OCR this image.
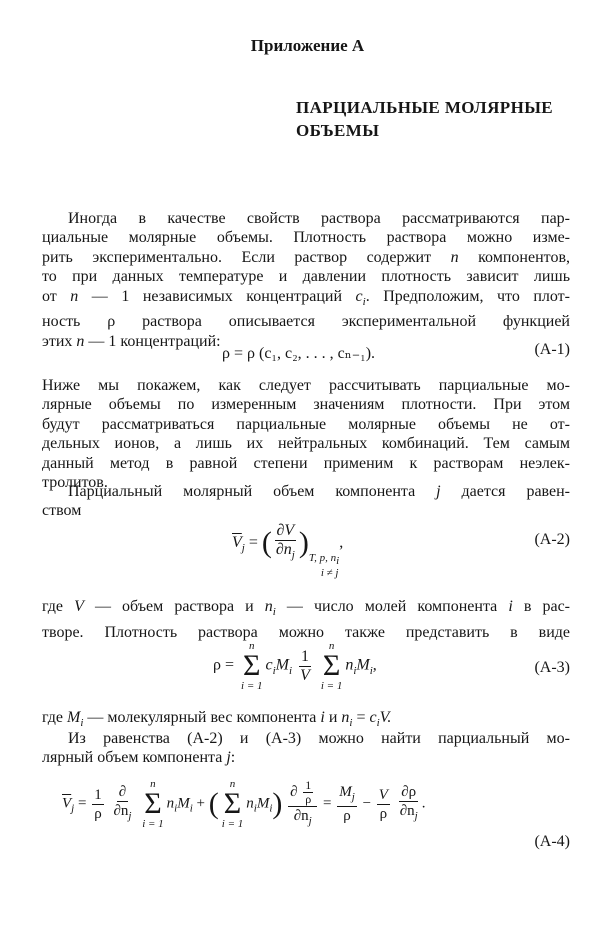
Приложение А
ПАРЦИАЛЬНЫЕ МОЛЯРНЫЕ
ОБЪЕМЫ
Иногда в качестве свойств раствора рассматриваются пар-
циальные молярные объемы. Плотность раствора можно изме-
рить экспериментально. Если раствор содержит n компонентов,
то при данных температуре и давлении плотность зависит лишь
от n — 1 независимых концентраций $c_i$. Предположим, что плот-
ность ρ раствора описывается экспериментальной функцией
этих n — 1 концентраций:
ρ = ρ (c₁, c₂, . . . , cₙ₋₁).	(А-1)
Ниже мы покажем, как следует рассчитывать парциальные мо-
лярные объемы по измеренным значениям плотности. При этом
будут рассматриваться парциальные молярные объемы не от-
дельных ионов, а лишь их нейтральных комбинаций. Тем самым
данный метод в равной степени применим к растворам неэлек-
тролитов.
Парциальный молярный объем компонента j дается равен-
ством
$\overline{V}_j$ = ( $\frac{\partial V}{\partial n_j}$ ) T, p, $n_i$
i ≠ j
,	(А-2)
где V — объем раствора и $n_i$ — число молей компонента i в рас-
творе. Плотность раствора можно также представить в виде
ρ =
n
Σ
i = 1
$c_iM_i \frac{1}{V}$

n
Σ
i = 1
$n_iM_i$,	(А-3)
где $M_i$ — молекулярный вес компонента i и $n_i = c_iV$.
Из равенства (А-2) и (А-3) можно найти парциальный мо-
лярный объем компонента j:
$\overline{V}_j = \frac{1}{\rho}$
$\frac{\partial}{\partial n_j}$
n
Σ
i = 1
$n_iM_i$ + (
n
Σ
i = 1
$n_iM_i) \frac{\partial \frac{1}{\rho}}{\partial n_j} = \frac{M_j}{\rho} - \frac{V}{\rho}$
$\frac{\partial\rho}{\partial n_j}$ .
(А-4)
